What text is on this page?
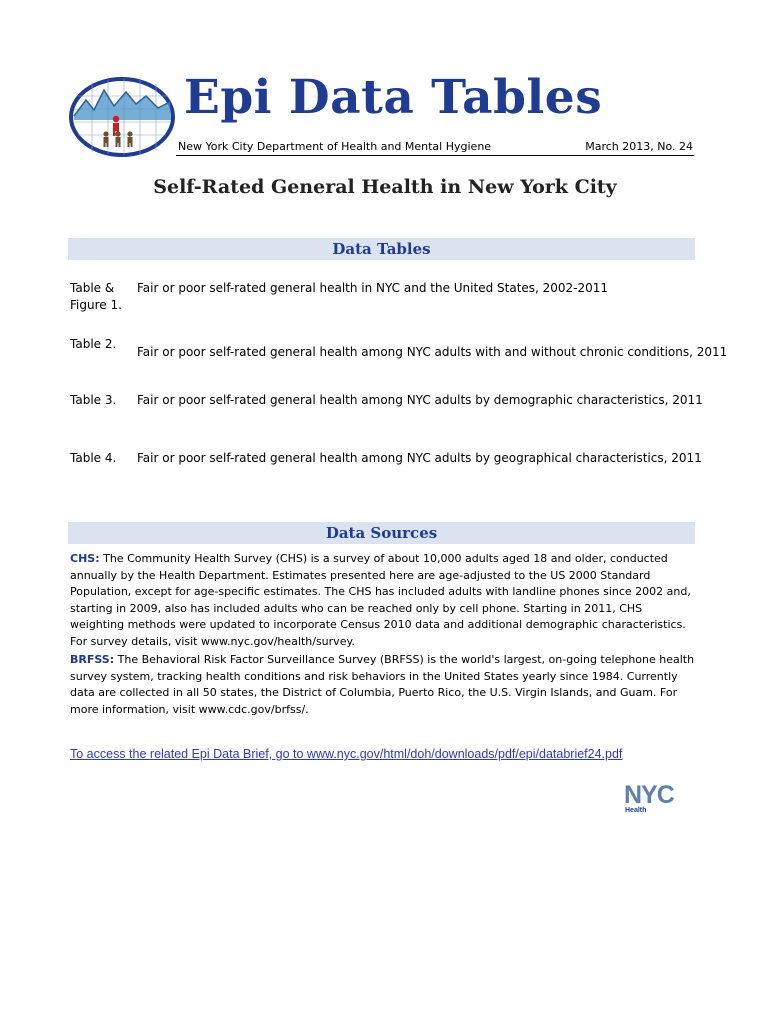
Epi Data Tables
New York City Department of Health and Mental Hygiene	March 2013, No. 24
Self-Rated General Health in New York City
Data Tables
Table &
Figure 1.
Fair or poor self-rated general health in NYC and the United States, 2002-2011
Table 2.
Fair or poor self-rated general health among NYC adults with and without chronic conditions, 2011
Table 3. Fair or poor self-rated general health among NYC adults by demographic characteristics, 2011
Table 4. Fair or poor self-rated general health among NYC adults by geographical characteristics, 2011
Data Sources

CHS: The Community Health Survey (CHS) is a survey of about 10,000 adults aged 18 and older, conducted annually by the Health Department. Estimates presented here are age-adjusted to the US 2000 Standard Population, except for age-specific estimates. The CHS has included adults with landline phones since 2002 and, starting in 2009, also has included adults who can be reached only by cell phone. Starting in 2011, CHS weighting methods were updated to incorporate Census 2010 data and additional demographic characteristics. For survey details, visit www.nyc.gov/health/survey.

BRFSS: The Behavioral Risk Factor Surveillance Survey (BRFSS) is the world's largest, on-going telephone health survey system, tracking health conditions and risk behaviors in the United States yearly since 1984. Currently data are collected in all 50 states, the District of Columbia, Puerto Rico, the U.S. Virgin Islands, and Guam. For more information, visit www.cdc.gov/brfss/.

To access the related Epi Data Brief, go to www.nyc.gov/html/doh/downloads/pdf/epi/databrief24.pdf
NYC
Health
